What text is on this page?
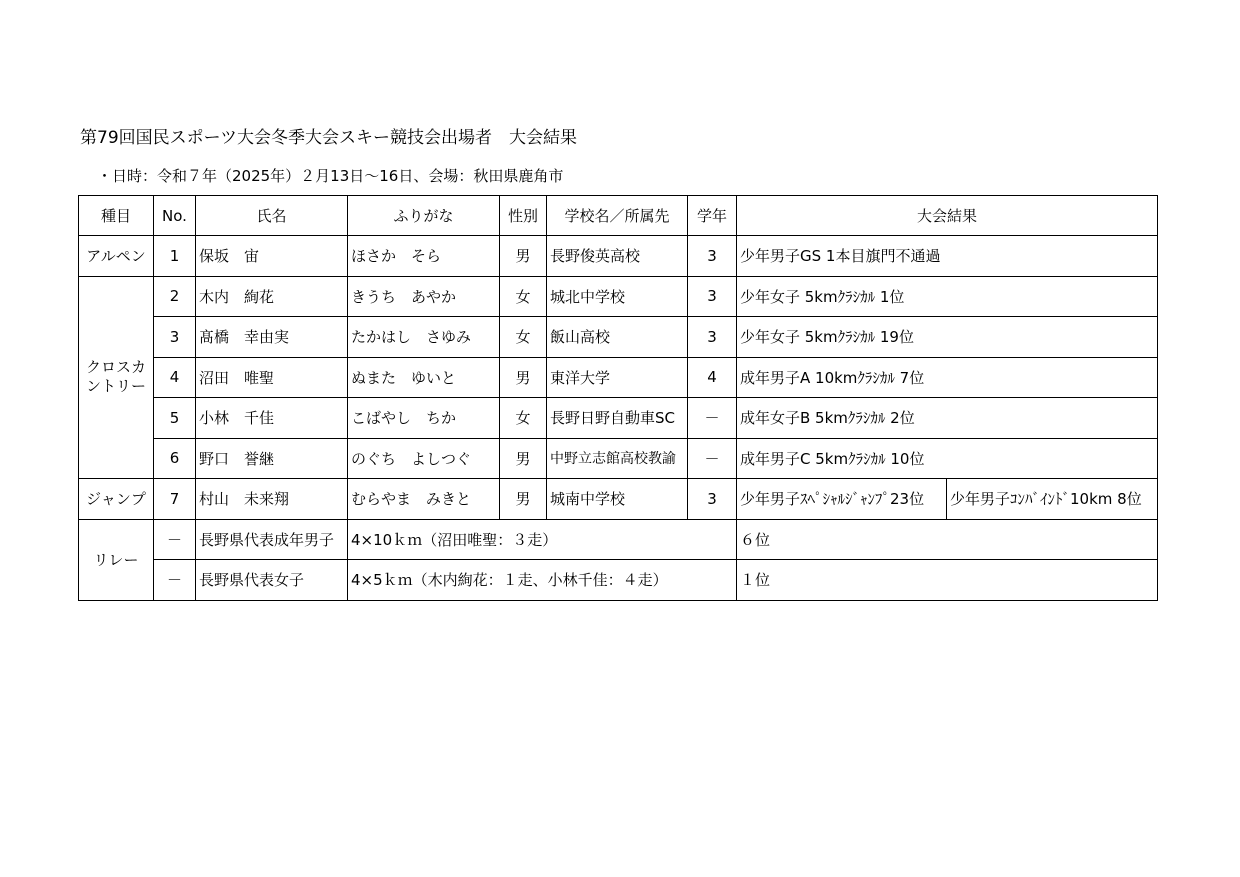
第79回国民スポーツ大会冬季大会スキー競技会出場者　大会結果
・日時：令和７年（2025年）２月13日～16日、会場：秋田県鹿角市
種目	No.	氏名	ふりがな	性別	学校名／所属先	学年	大会結果	
アルペン	1	保坂　宙	ほさか　そら	男	長野俊英高校	3	少年男子GS 1本目旗門不通過	
クロスカントリー	2	木内　絢花	きうち　あやか	女	城北中学校	3	少年女子 5kmｸﾗｼｶﾙ 1位	
	3	髙橋　幸由実	たかはし　さゆみ	女	飯山高校	3	少年女子 5kmｸﾗｼｶﾙ 19位	
	4	沼田　唯聖	ぬまた　ゆいと	男	東洋大学	4	成年男子A 10kmｸﾗｼｶﾙ 7位	
	5	小林　千佳	こばやし　ちか	女	長野日野自動車SC	－	成年女子B 5kmｸﾗｼｶﾙ 2位	
	6	野口　誉継	のぐち　よしつぐ	男	中野立志館高校教諭	－	成年男子C 5kmｸﾗｼｶﾙ 10位	
ジャンプ	7	村山　未来翔	むらやま　みきと	男	城南中学校	3	少年男子ｽﾍﾟｼｬﾙｼﾞｬﾝﾌﾟ23位	少年男子ｺﾝﾊﾞｲﾝﾄﾞ10km 8位
リレー	－	長野県代表成年男子	4×10ｋｍ（沼田唯聖：３走）				６位	
	－	長野県代表女子	4×5ｋｍ（木内絢花：１走、小林千佳：４走）				１位	
